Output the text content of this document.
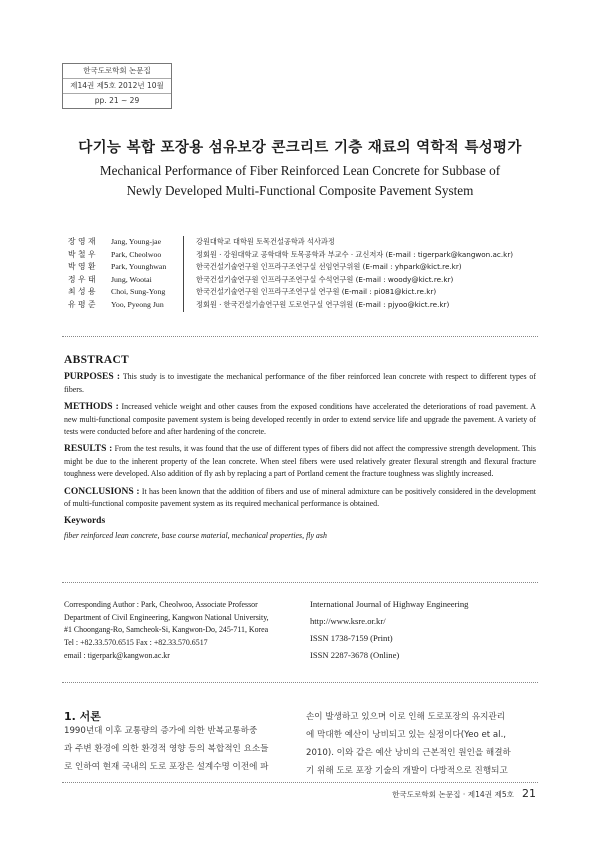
한국도로학회 논문집
제14권 제5호 2012년 10월
pp. 21 ~ 29
다기능 복합 포장용 섬유보강 콘크리트 기층 재료의 역학적 특성평가
Mechanical Performance of Fiber Reinforced Lean Concrete for Subbase of
Newly Developed Multi-Functional Composite Pavement System
장 영 재	Jang, Young-jae	강원대학교 대학원 토목건설공학과 석사과정
박 철 우	Park, Cheolwoo	정회원 · 강원대학교 공학대학 토목공학과 부교수 · 교신저자 (E-mail : tigerpark@kangwon.ac.kr)
박 영 환	Park, Younghwan	한국건설기술연구원 인프라구조연구실 선임연구위원 (E-mail : yhpark@kict.re.kr)
정 우 태	Jung, Wootai	한국건설기술연구원 인프라구조연구실 수석연구원 (E-mail : woody@kict.re.kr)
최 성 용	Choi, Sung-Yong	한국건설기술연구원 인프라구조연구실 연구원 (E-mail : pi081@kict.re.kr)
유 평 준	Yoo, Pyeong Jun	정회원 · 한국건설기술연구원 도로연구실 연구위원 (E-mail : pjyoo@kict.re.kr)
ABSTRACT

PURPOSES : This study is to investigate the mechanical performance of the fiber reinforced lean concrete with respect to different types of fibers.

METHODS : Increased vehicle weight and other causes from the exposed conditions have accelerated the deteriorations of road pavement. A new multi-functional composite pavement system is being developed recently in order to extend service life and upgrade the pavement. A variety of tests were conducted before and after hardening of the concrete.

RESULTS : From the test results, it was found that the use of different types of fibers did not affect the compressive strength development. This might be due to the inherent property of the lean concrete. When steel fibers were used relatively greater flexural strength and flexural fracture toughness were developed. Also addition of fly ash by replacing a part of Portland cement the fracture toughness was slightly increased.

CONCLUSIONS : It has been known that the addition of fibers and use of mineral admixture can be positively considered in the development of multi-functional composite pavement system as its required mechanical performance is obtained.

Keywords

fiber reinforced lean concrete, base course material, mechanical properties, fly ash

Corresponding Author : Park, Cheolwoo, Associate Professor
Department of Civil Engineering, Kangwon National University,
#1 Choongang-Ro, Samcheok-Si, Kangwon-Do, 245-711, Korea
Tel : +82.33.570.6515 Fax : +82.33.570.6517
email : tigerpark@kangwon.ac.kr
International Journal of Highway Engineering
http://www.ksre.or.kr/
ISSN 1738-7159 (Print)
ISSN 2287-3678 (Online)
1. 서론
1990년대 이후 교통량의 증가에 의한 반복교통하중
과 주변 환경에 의한 환경적 영향 등의 복합적인 요소들
로 인하여 현재 국내의 도로 포장은 설계수명 이전에 파
손이 발생하고 있으며 이로 인해 도로포장의 유지관리
에 막대한 예산이 낭비되고 있는 실정이다(Yeo et al.,
2010). 이와 같은 예산 낭비의 근본적인 원인을 해결하
기 위해 도로 포장 기술의 개발이 다방적으로 진행되고
한국도로학회 논문집 · 제14권 제5호 21
